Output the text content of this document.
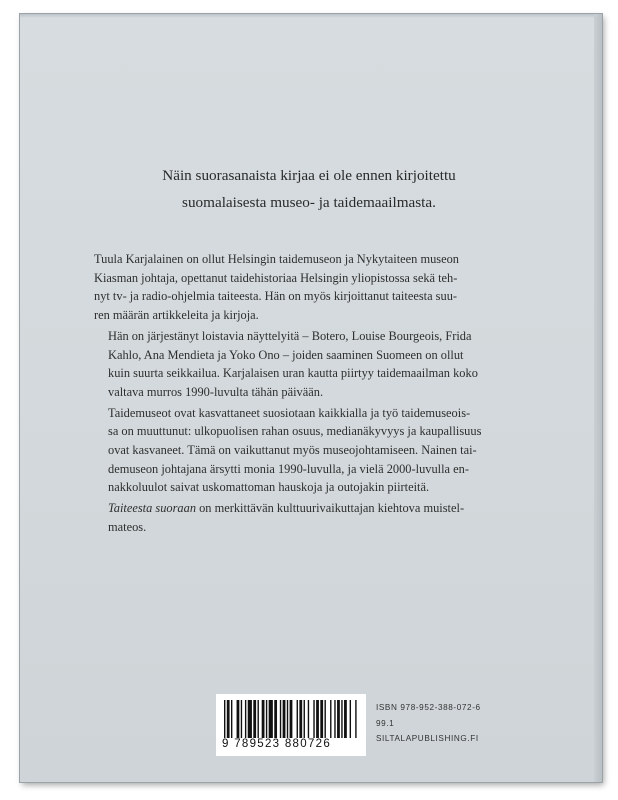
Näin suorasanaista kirjaa ei ole ennen kirjoitettu
suomalaisesta museo- ja taidemaailmasta.

Tuula Karjalainen on ollut Helsingin taidemuseon ja Nykytaiteen museon
Kiasman johtaja, opettanut taidehistoriaa Helsingin yliopistossa sekä teh-
nyt tv- ja radio-ohjelmia taiteesta. Hän on myös kirjoittanut taiteesta suu-
ren määrän artikkeleita ja kirjoja.

Hän on järjestänyt loistavia näyttelyitä – Botero, Louise Bourgeois, Frida
Kahlo, Ana Mendieta ja Yoko Ono – joiden saaminen Suomeen on ollut
kuin suurta seikkailua. Karjalaisen uran kautta piirtyy taidemaailman koko
valtava murros 1990-luvulta tähän päivään.

Taidemuseot ovat kasvattaneet suosiotaan kaikkialla ja työ taidemuseois-
sa on muuttunut: ulkopuolisen rahan osuus, medianäkyvyys ja kaupallisuus
ovat kasvaneet. Tämä on vaikuttanut myös museojohtamiseen. Nainen tai-
demuseon johtajana ärsytti monia 1990-luvulla, ja vielä 2000-luvulla en-
nakkoluulot saivat uskomattoman hauskoja ja outojakin piirteitä.

Taiteesta suoraan on merkittävän kulttuurivaikuttajan kiehtova muistel-
mateos.

9 789523 880726
ISBN 978-952-388-072-6
99.1
SILTALAPUBLISHING.FI
